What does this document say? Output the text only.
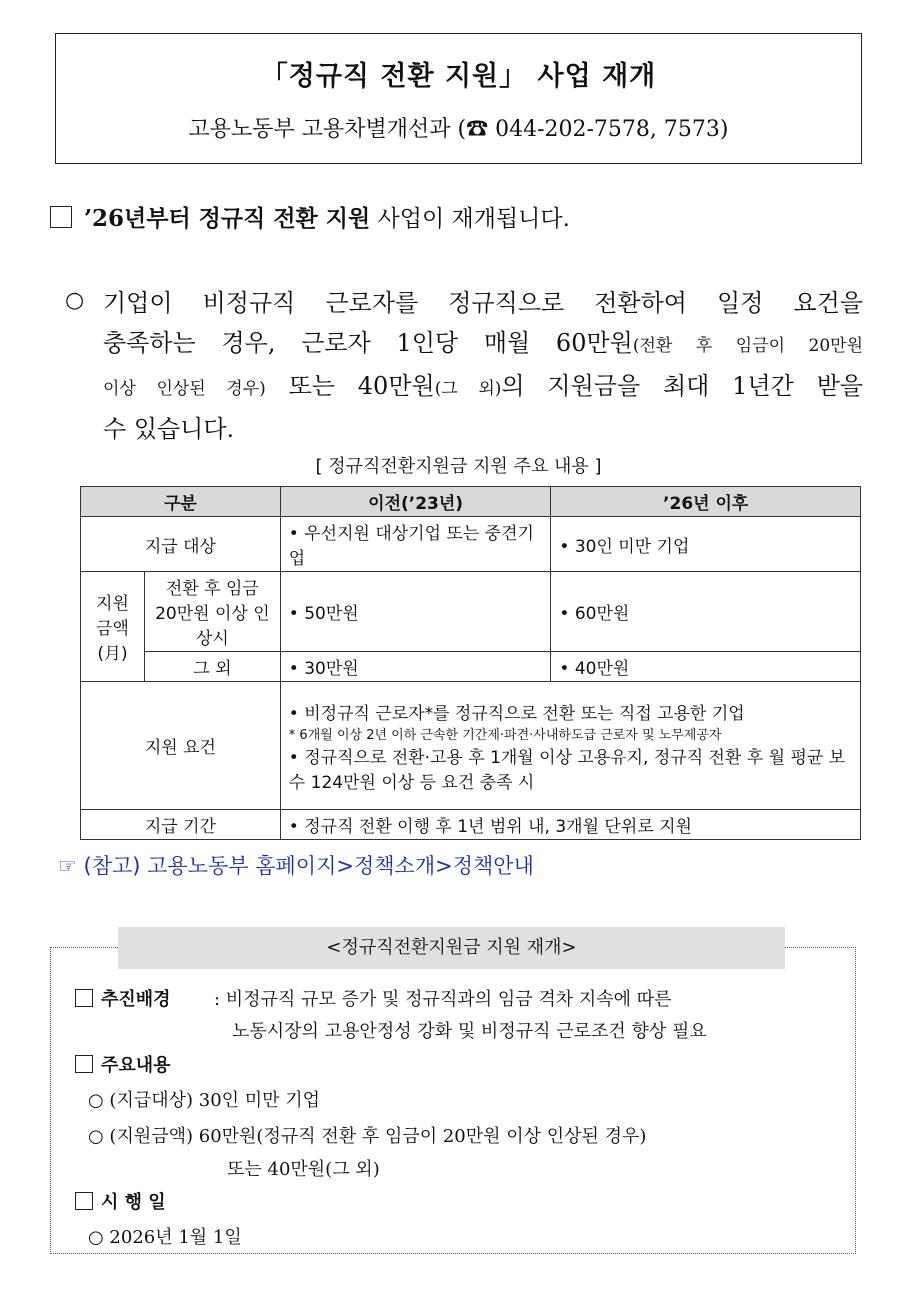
「정규직 전환 지원」 사업 재개
고용노동부 고용차별개선과 (☎ 044-202-7578, 7573)
’26년부터 정규직 전환 지원 사업이 재개됩니다.
○ 기업이 비정규직 근로자를 정규직으로 전환하여 일정 요건을
충족하는 경우, 근로자 1인당 매월 60만원(전환 후 임금이 20만원
이상 인상된 경우) 또는 40만원(그 외)의 지원금을 최대 1년간 받을
수 있습니다.
[ 정규직전환지원금 지원 주요 내용 ]
구분		이전(’23년)	’26년 이후
지급 대상		• 우선지원 대상기업 또는 중견기업	• 30인 미만 기업
지원 금액 (月)	전환 후 임금 20만원 이상 인상시	• 50만원	• 60만원
	그 외	• 30만원	• 40만원
지원 요건		• 비정규직 근로자*를 정규직으로 전환 또는 직접 고용한 기업
* 6개월 이상 2년 이하 근속한 기간제·파견·사내하도급 근로자 및 노무제공자
• 정규직으로 전환·고용 후 1개월 이상 고용유지, 정규직 전환 후 월 평균 보수 124만원 이상 등 요건 충족 시	

지급 기간		• 정규직 전환 이행 후 1년 범위 내, 3개월 단위로 지원	
☞ (참고) 고용노동부 홈페이지>정책소개>정책안내
<정규직전환지원금 지원 재개>
추진배경 : 비정규직 규모 증가 및 정규직과의 임금 격차 지속에 따른
노동시장의 고용안정성 강화 및 비정규직 근로조건 향상 필요
주요내용
○ (지급대상) 30인 미만 기업
○ (지원금액) 60만원(정규직 전환 후 임금이 20만원 이상 인상된 경우)
또는 40만원(그 외)
시 행 일
○ 2026년 1월 1일
